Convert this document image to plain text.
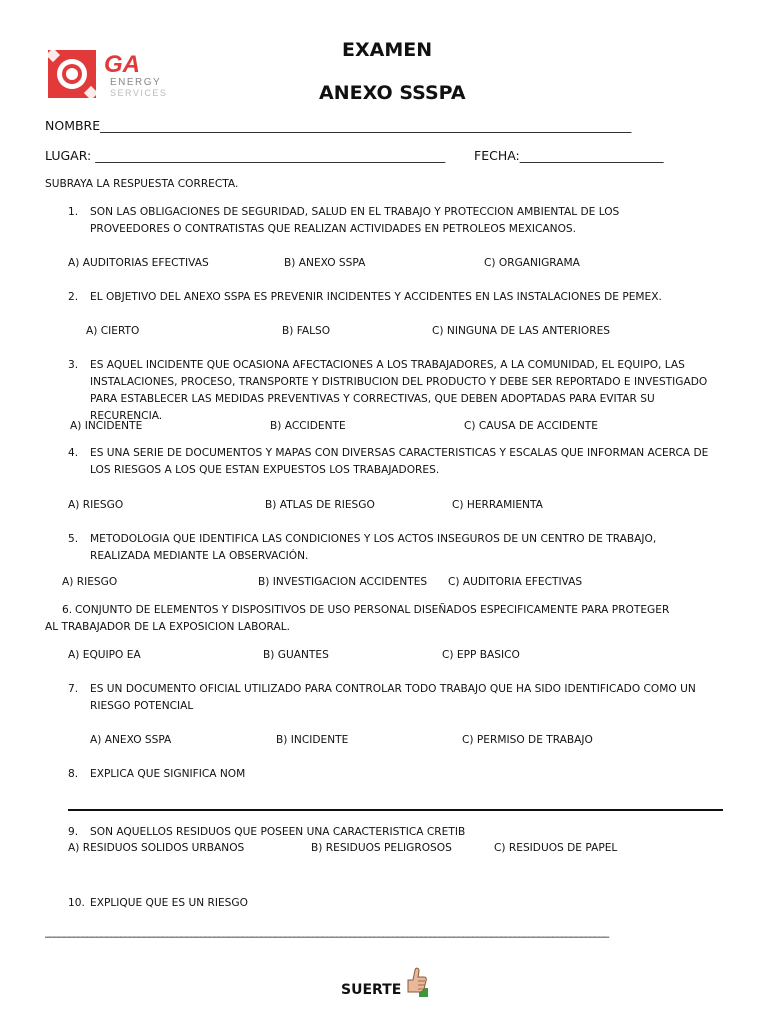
GA
ENERGY
SERVICES
EXAMEN
ANEXO SSSPA
NOMBRE_____________________________________________________________________________________
LUGAR: ________________________________________________________	FECHA:_______________________
SUBRAYA LA RESPUESTA CORRECTA.
1. SON LAS OBLIGACIONES DE SEGURIDAD, SALUD EN EL TRABAJO Y PROTECCION AMBIENTAL DE LOS PROVEEDORES O CONTRATISTAS QUE REALIZAN ACTIVIDADES EN PETROLEOS MEXICANOS.
A) AUDITORIAS EFECTIVAS	B) ANEXO SSPA	C) ORGANIGRAMA
2. EL OBJETIVO DEL ANEXO SSPA ES PREVENIR INCIDENTES Y ACCIDENTES EN LAS INSTALACIONES DE PEMEX.
A) CIERTO	B) FALSO	C) NINGUNA DE LAS ANTERIORES
3. ES AQUEL INCIDENTE QUE OCASIONA AFECTACIONES A LOS TRABAJADORES, A LA COMUNIDAD, EL EQUIPO, LAS INSTALACIONES, PROCESO, TRANSPORTE Y DISTRIBUCION DEL PRODUCTO Y DEBE SER REPORTADO E INVESTIGADO PARA ESTABLECER LAS MEDIDAS PREVENTIVAS Y CORRECTIVAS, QUE DEBEN ADOPTADAS PARA EVITAR SU RECURENCIA.
A) INCIDENTE	B) ACCIDENTE	C) CAUSA DE ACCIDENTE
4. ES UNA SERIE DE DOCUMENTOS Y MAPAS CON DIVERSAS CARACTERISTICAS Y ESCALAS QUE INFORMAN ACERCA DE LOS RIESGOS A LOS QUE ESTAN EXPUESTOS LOS TRABAJADORES.
A) RIESGO	B) ATLAS DE RIESGO	C) HERRAMIENTA
5. METODOLOGIA QUE IDENTIFICA LAS CONDICIONES Y LOS ACTOS INSEGUROS DE UN CENTRO DE TRABAJO, REALIZADA MEDIANTE LA OBSERVACIÓN.
A) RIESGO	B) INVESTIGACION ACCIDENTES C) AUDITORIA EFECTIVAS
6. CONJUNTO DE ELEMENTOS Y DISPOSITIVOS DE USO PERSONAL DISEÑADOS ESPECIFICAMENTE PARA PROTEGER AL TRABAJADOR DE LA EXPOSICION LABORAL.
A) EQUIPO EA	B) GUANTES	C) EPP BASICO
7. ES UN DOCUMENTO OFICIAL UTILIZADO PARA CONTROLAR TODO TRABAJO QUE HA SIDO IDENTIFICADO COMO UN RIESGO POTENCIAL
A) ANEXO SSPA	B) INCIDENTE	C) PERMISO DE TRABAJO
8. EXPLICA QUE SIGNIFICA NOM
9. SON AQUELLOS RESIDUOS QUE POSEEN UNA CARACTERISTICA CRETIB
A) RESIDUOS SOLIDOS URBANOS	B) RESIDUOS PELIGROSOS	C) RESIDUOS DE PAPEL
10. EXPLIQUE QUE ES UN RIESGO
________________________________________________________________________________________________________________________
SUERTE
